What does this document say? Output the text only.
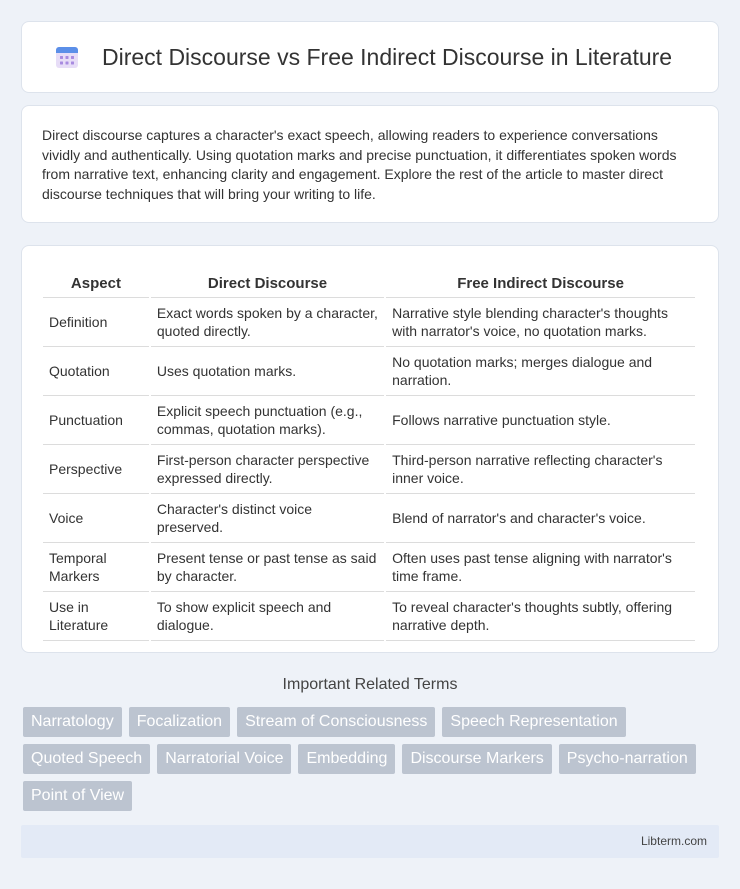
Direct Discourse vs Free Indirect Discourse in Literature

Direct discourse captures a character's exact speech, allowing readers to experience conversations vividly and authentically. Using quotation marks and precise punctuation, it differentiates spoken words from narrative text, enhancing clarity and engagement. Explore the rest of the article to master direct discourse techniques that will bring your writing to life.

Aspect	Direct Discourse	Free Indirect Discourse
Definition	Exact words spoken by a character, quoted directly.	Narrative style blending character's thoughts with narrator's voice, no quotation marks.
Quotation	Uses quotation marks.	No quotation marks; merges dialogue and narration.
Punctuation	Explicit speech punctuation (e.g., commas, quotation marks).	Follows narrative punctuation style.
Perspective	First-person character perspective expressed directly.	Third-person narrative reflecting character's inner voice.
Voice	Character's distinct voice preserved.	Blend of narrator's and character's voice.
Temporal Markers	Present tense or past tense as said by character.	Often uses past tense aligning with narrator's time frame.
Use in Literature	To show explicit speech and dialogue.	To reveal character's thoughts subtly, offering narrative depth.
Important Related Terms
Narratology	Focalization	Stream of Consciousness	Speech Representation
Quoted Speech	Narratorial Voice	Embedding	Discourse Markers	Psycho-narration
Point of View
Libterm.com
